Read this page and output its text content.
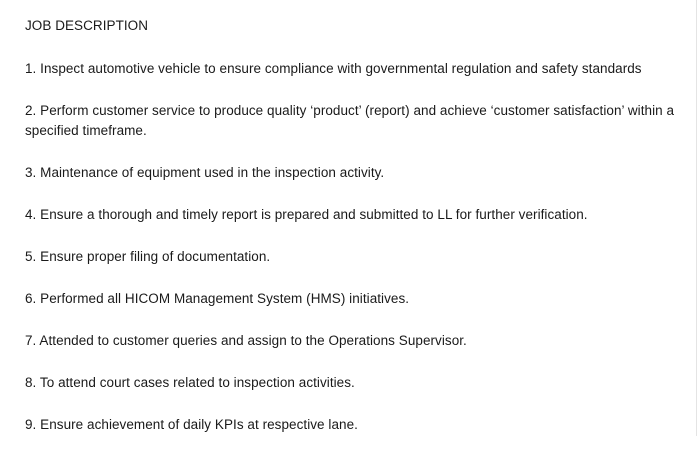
JOB DESCRIPTION
1. Inspect automotive vehicle to ensure compliance with governmental regulation and safety standards
2. Perform customer service to produce quality ‘product’ (report) and achieve ‘customer satisfaction’ within a specified timeframe.
3. Maintenance of equipment used in the inspection activity.
4. Ensure a thorough and timely report is prepared and submitted to LL for further verification.
5. Ensure proper filing of documentation.
6. Performed all HICOM Management System (HMS) initiatives.
7. Attended to customer queries and assign to the Operations Supervisor.
8. To attend court cases related to inspection activities.
9. Ensure achievement of daily KPIs at respective lane.
